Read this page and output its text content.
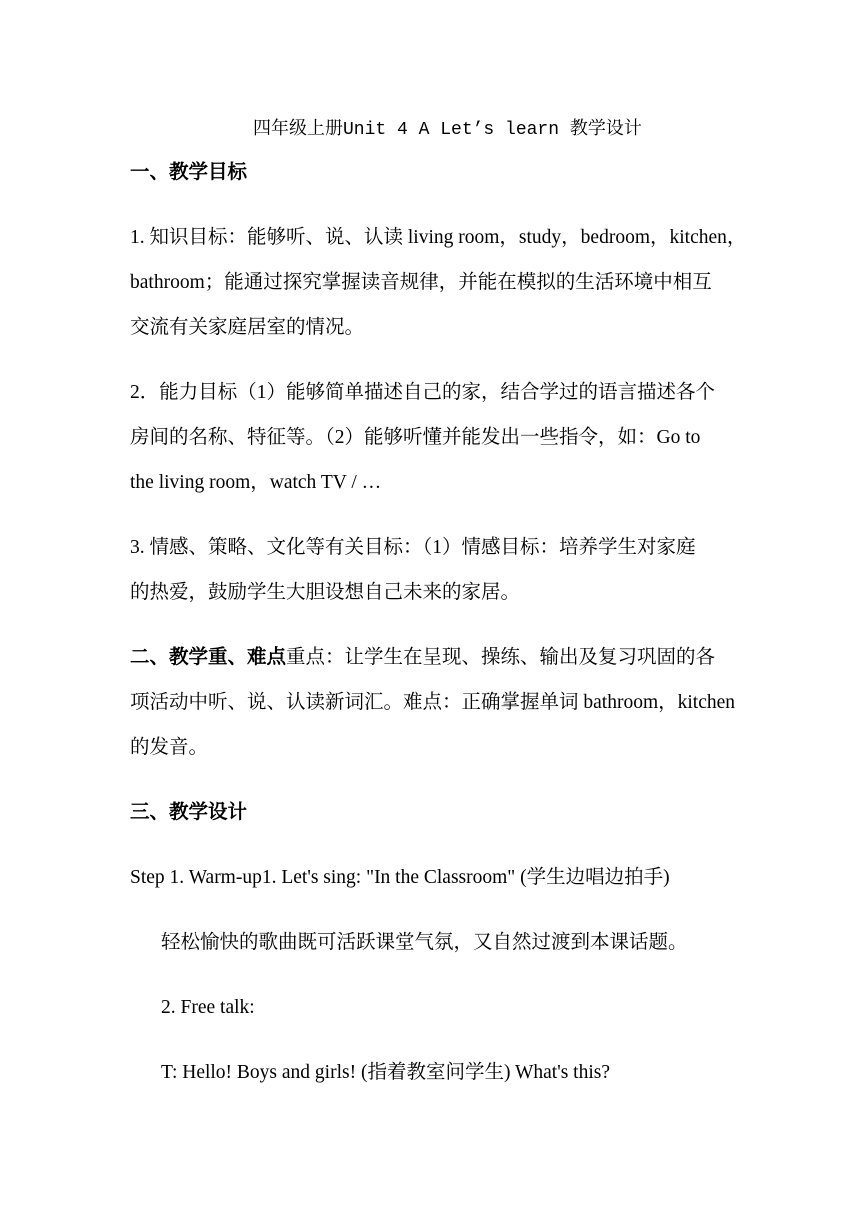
四年级上册Unit 4 A Let’s learn 教学设计
一、教学目标
1. 知识目标：能够听、说、认读 living room，study，bedroom，kitchen，
bathroom；能通过探究掌握读音规律，并能在模拟的生活环境中相互
交流有关家庭居室的情况。
2．能力目标（1）能够简单描述自己的家，结合学过的语言描述各个
房间的名称、特征等。（2）能够听懂并能发出一些指令，如：Go to
the living room，watch TV / …
3. 情感、策略、文化等有关目标：（1）情感目标：培养学生对家庭
的热爱，鼓励学生大胆设想自己未来的家居。
二、教学重、难点重点：让学生在呈现、操练、输出及复习巩固的各
项活动中听、说、认读新词汇。难点：正确掌握单词 bathroom，kitchen
的发音。
三、教学设计
Step 1. Warm-up1. Let's sing: "In the Classroom" (学生边唱边拍手)
轻松愉快的歌曲既可活跃课堂气氛，又自然过渡到本课话题。
2. Free talk:
T: Hello! Boys and girls! (指着教室问学生) What's this?
